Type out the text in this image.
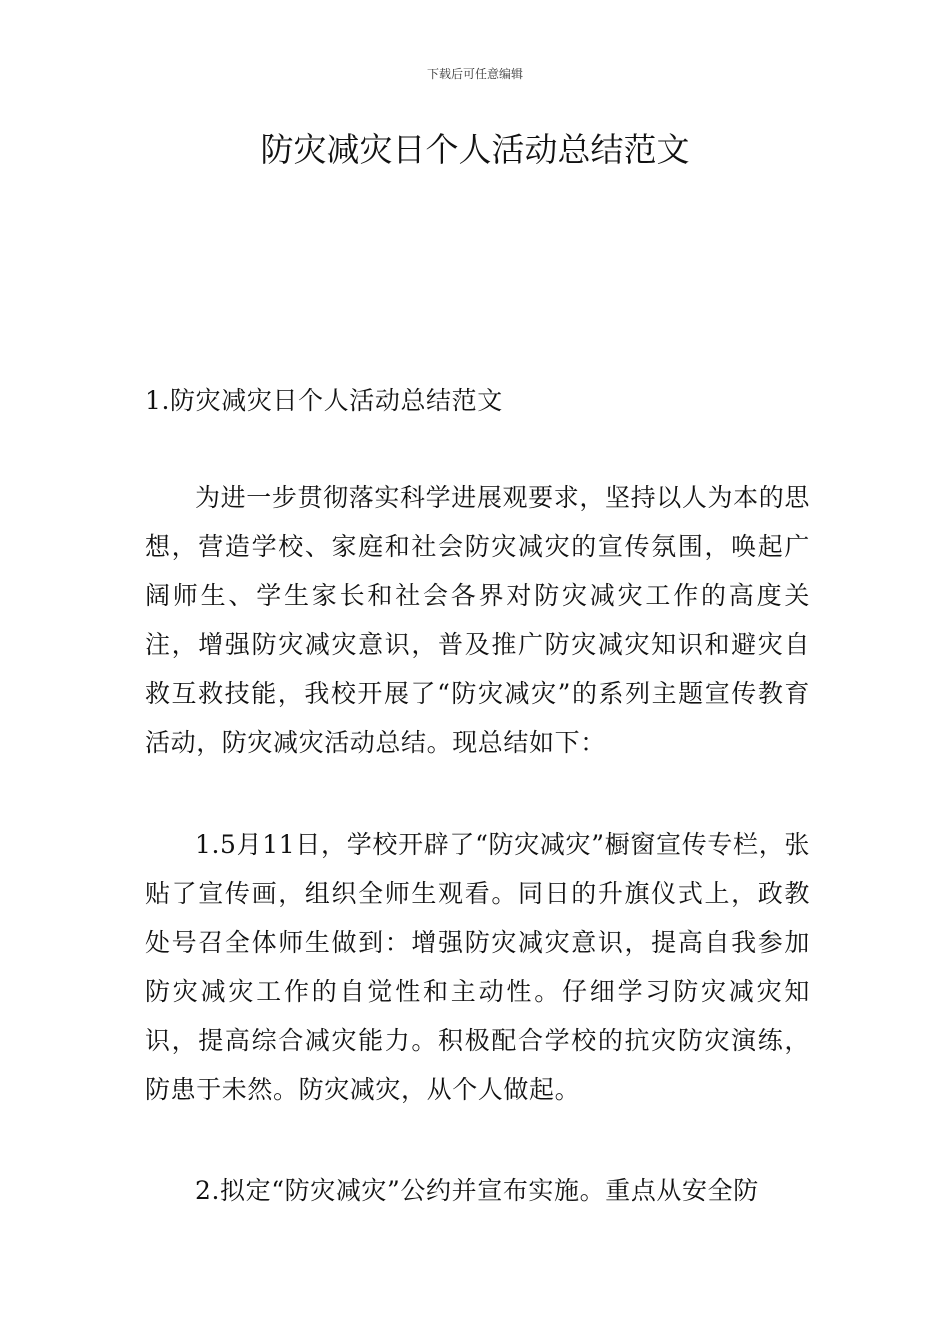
下载后可任意编辑
防灾减灾日个人活动总结范文

1.防灾减灾日个人活动总结范文

为进一步贯彻落实科学进展观要求，坚持以人为本的思想，营造学校、家庭和社会防灾减灾的宣传氛围，唤起广阔师生、学生家长和社会各界对防灾减灾工作的高度关注，增强防灾减灾意识，普及推广防灾减灾知识和避灾自救互救技能，我校开展了“防灾减灾”的系列主题宣传教育活动，防灾减灾活动总结。现总结如下：

1.5月11日，学校开辟了“防灾减灾”橱窗宣传专栏，张贴了宣传画，组织全师生观看。同日的升旗仪式上，政教处号召全体师生做到：增强防灾减灾意识，提高自我参加防灾减灾工作的自觉性和主动性。仔细学习防灾减灾知识，提高综合减灾能力。积极配合学校的抗灾防灾演练，防患于未然。防灾减灾，从个人做起。

2.拟定“防灾减灾”公约并宣布实施。重点从安全防
